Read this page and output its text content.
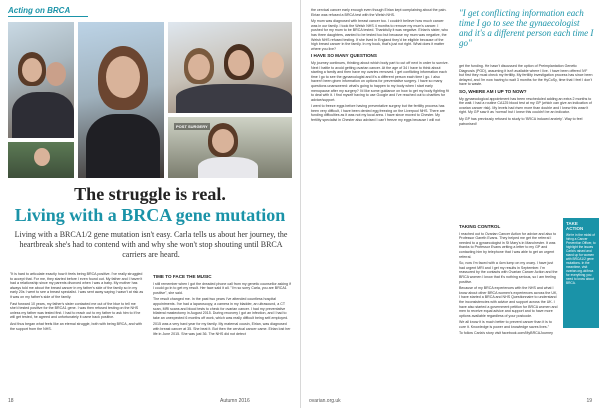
Acting on BRCA
POST SURGERY
The struggle is real.
Living with a BRCA gene mutation
Living with a BRCA1/2 gene mutation isn't easy. Carla tells us about her journey, the heartbreak she's had to contend with and why she won't stop shouting until BRCA carriers are heard.

"It is hard to articulate exactly how it feels being BRCA positive. I've really struggled to accept that. For me, they started before I even found out. My father and I haven't had a relationship since my parents divorced when I was a baby. My mother has always told me about the breast cancer in my father's side of the family so in my early 20s I went to see a breast specialist. I was sent away saying I wasn't at risk as it was on my father's side of the family.

Fast forward 10 years, my father's sister contacted me out of the blue to tell me she'd tested positive for the BRCA1 gene. I was then refused testing on the NHS unless my father was tested first. I had to reach out to my father to ask him to if he will get tested, he agreed and unfortunately it came back positive.

And thus began what feels like an eternal struggle, both with being BRCA, and with the support from the NHS.

TIME TO FACE THE MUSIC

I still remember when I got the dreaded phone call from my genetic counsellor asking if I could go in to get my result. Her face said it all. "I'm so sorry Carla, you are BRCA1 positive", she said.

The result changed me. In the past two years I've attended countless hospital appointments. I've had a laparoscopy, a camera in my bladder, an ultrasound, a CT scan, MRI scans and blood tests to check for ovarian cancer. I had my preventative bilateral mastectomy in August 2015. During recovery I got an infection, and I had to take an unexpected 6 months off work, which was really difficult being self-employed.

2015 was a very hard year for my family. My maternal cousin, Eirian, was diagnosed with breast cancer at 35. She beat it. But then the cervical cancer came. Eirian lost her life in June 2015. She was just 36. The NHS did not detect

18	Autumn 2016

the cervical cancer early enough even though Eirian kept complaining about the pain. Eirian was refused a BRCA test with the Welsh NHS.

My mum was diagnosed with breast cancer too. I couldn't believe how much cancer was in our family. I took the Welsh NHS 4 months to remove my mum's cancer. I pushed for my mum to be BRCA tested. Thankfully it was negative. Eirian's sister, who has three daughters, wanted to be tested too but because my mum was negative, the Welsh NHS refused testing. If she lived in England they'd be eligible because of the high breast cancer in the family. In my book, that's just not right. What does it matter where you live?

I HAVE SO MANY QUESTIONS

My journey continues, thinking about which body part to cut off next in order to survive. Next I battle to avoid getting ovarian cancer. At the age of 34 I have to think about starting a family and then have my ovaries removed. I get conflicting information each time I go to see the gynaecologist and it's a different person each time I go. I also haven't been given information on options for preventative surgery. I have so many questions unanswered: what's going to happen to my body when I start early menopause after my surgery? I'd like some guidance on how to get my body fighting fit to deal with it. I find myself having to use Google and I've reached out to charities for advice/support.

I went to freeze eggs before having preventative surgery but the fertility process has been very difficult, I have been denied egg freezing on the Liverpool NHS. There are funding difficulties as it was not my local area. I have since moved to Chester. My fertility specialist in Chester also advised I can't freeze my eggs because I will not

"I get conflicting information each time I go to see the gynaecologist and it's a different person each time I go"

get the funding. He hasn't discussed the option of Preimplantation Genetic Diagnosis (PGD), assuming it isn't available where I live. I have been offered IVF but first they must check my fertility. My fertility investigation process has since been delayed, and I'm now having to wait 3 months for the HyCoSy, time that I feel I don't have to waste.

SO, WHERE AM I UP TO NOW?

My gynaecological appointment has been rescheduled adding an extra 2 months to the wait. I had a routine CA125 blood test at my GP (which can give an indication of ovarian cancer risk). My levels had risen more than double and I knew this wasn't right. My GP saw it as 'normal' but I knew this couldn't be an indicator.

My GP has previously refused to study to 'BRCA induced anxiety'. Way to feel patronised!

TAKING CONTROL

I reached out to Ovarian Cancer Action for advice and also to Professor Gareth Evans. They helped me get the referral I needed to a gynaecologist in St Mary's in Manchester. It was thanks to Professor Evans writing a letter to my GP and contacting him by telephone that I was able to get an urgent referral.

So, now I'm faced with a 4cm lump on my ovary. I have just had urgent MRI and I get my results in September. I'm reassured by the contacts with Ovarian Cancer Action and the BRCA women I know that it's nothing serious, so I am feeling positive.

Because of my BRCA experiences with the NHS and what I know about other BRCA women's experiences across the UK, I have started a BRCA and NHS Questionnaire to understand the inconsistencies with advice and support across the UK. I have also started a government petition for BRCA women and men to receive equal advice and support and to have more options available regardless of your postcode.

We all know it is much better to prevent cancer than it is to cure it. Knowledge is power and knowledge saves lives."

To follow Carla's story visit facebook.com/MyBRCAJourney

TAKE ACTION

We're in the midst of hiring a Cancer Prevention Officer, to highlight the issues Carla's raised and stand up for women with BRCA1/2 gene mutations. In the meantime, visit ovarian.org.uk/brca for everything you need to know about BRCA.

ovarian.org.uk	19
